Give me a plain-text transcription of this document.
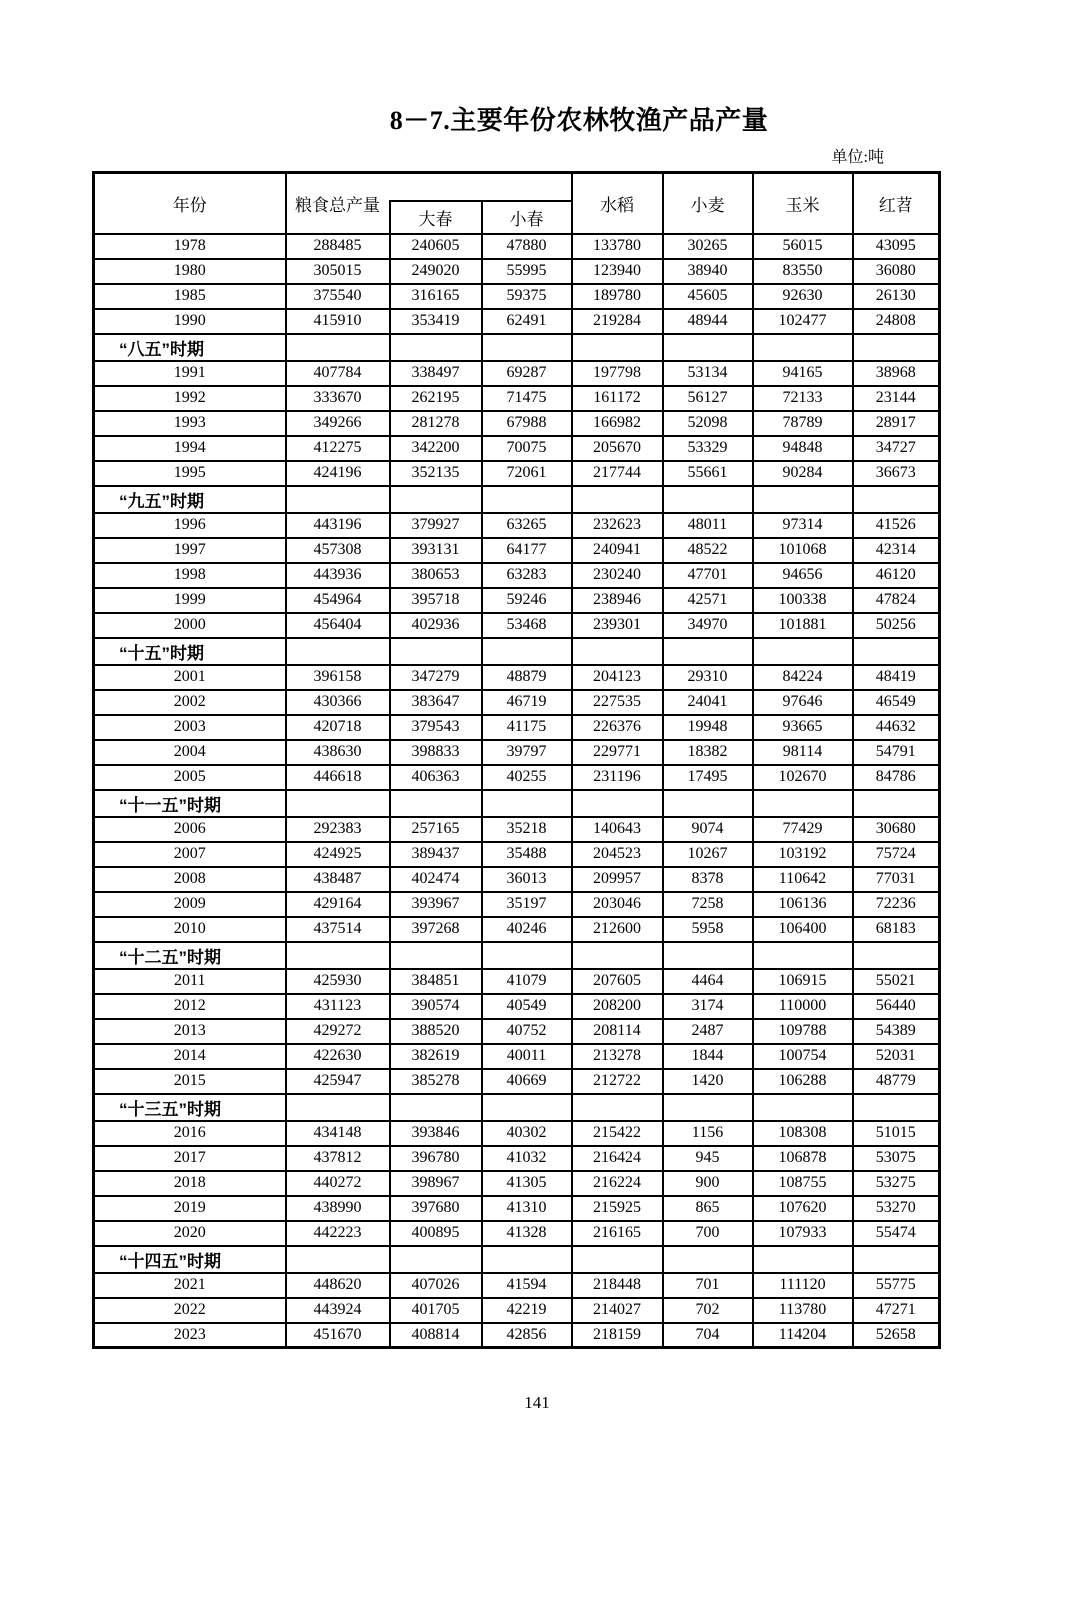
8－7.主要年份农林牧渔产品产量
单位:吨
年份	粮食总产量			水稻	小麦	玉米	红苕
		大春	小春				
1978	288485	240605	47880	133780	30265	56015	43095
1980	305015	249020	55995	123940	38940	83550	36080
1985	375540	316165	59375	189780	45605	92630	26130
1990	415910	353419	62491	219284	48944	102477	24808
“八五”时期							
1991	407784	338497	69287	197798	53134	94165	38968
1992	333670	262195	71475	161172	56127	72133	23144
1993	349266	281278	67988	166982	52098	78789	28917
1994	412275	342200	70075	205670	53329	94848	34727
1995	424196	352135	72061	217744	55661	90284	36673
“九五”时期							
1996	443196	379927	63265	232623	48011	97314	41526
1997	457308	393131	64177	240941	48522	101068	42314
1998	443936	380653	63283	230240	47701	94656	46120
1999	454964	395718	59246	238946	42571	100338	47824
2000	456404	402936	53468	239301	34970	101881	50256
“十五”时期							
2001	396158	347279	48879	204123	29310	84224	48419
2002	430366	383647	46719	227535	24041	97646	46549
2003	420718	379543	41175	226376	19948	93665	44632
2004	438630	398833	39797	229771	18382	98114	54791
2005	446618	406363	40255	231196	17495	102670	84786
“十一五”时期							
2006	292383	257165	35218	140643	9074	77429	30680
2007	424925	389437	35488	204523	10267	103192	75724
2008	438487	402474	36013	209957	8378	110642	77031
2009	429164	393967	35197	203046	7258	106136	72236
2010	437514	397268	40246	212600	5958	106400	68183
“十二五”时期							
2011	425930	384851	41079	207605	4464	106915	55021
2012	431123	390574	40549	208200	3174	110000	56440
2013	429272	388520	40752	208114	2487	109788	54389
2014	422630	382619	40011	213278	1844	100754	52031
2015	425947	385278	40669	212722	1420	106288	48779
“十三五”时期							
2016	434148	393846	40302	215422	1156	108308	51015
2017	437812	396780	41032	216424	945	106878	53075
2018	440272	398967	41305	216224	900	108755	53275
2019	438990	397680	41310	215925	865	107620	53270
2020	442223	400895	41328	216165	700	107933	55474
“十四五”时期							
2021	448620	407026	41594	218448	701	111120	55775
2022	443924	401705	42219	214027	702	113780	47271
2023	451670	408814	42856	218159	704	114204	52658
141
